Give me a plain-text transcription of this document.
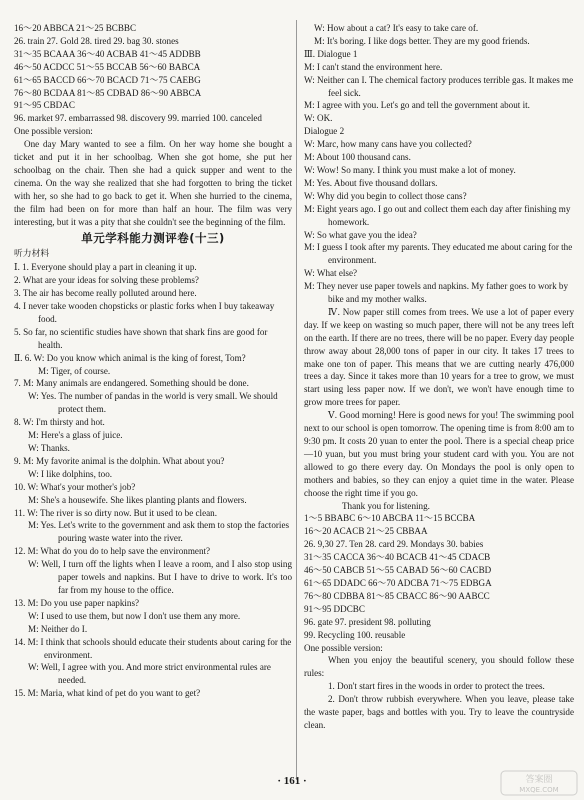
16～20 ABBCA 21～25 BCBBC
26. train 27. Gold 28. tired 29. bag 30. stones
31～35 BCAAA 36～40 ACBAB 41～45 ADDBB
46～50 ACDCC 51～55 BCCAB 56～60 BABCA
61～65 BACCD 66～70 BCACD 71～75 CAEBG
76～80 BCDAA 81～85 CDBAD 86～90 ABBCA
91～95 CBDAC
96. market 97. embarrassed 98. discovery 99. married 100. canceled
One possible version:
One day Mary wanted to see a film. On her way home she bought a ticket and put it in her schoolbag. When she got home, she put her schoolbag on the chair. Then she had a quick supper and went to the cinema. On the way she realized that she had forgotten to bring the ticket with her, so she had to go back to get it. When she hurried to the cinema, the film had been on for more than half an hour. The film was very interesting, but it was a pity that she couldn't see the beginning of the film.
单元学科能力测评卷(十三)
听力材料
Ⅰ. 1. Everyone should play a part in cleaning it up.
2. What are your ideas for solving these problems?
3. The air has become really polluted around here.
4. I never take wooden chopsticks or plastic forks when I buy takeaway food.
5. So far, no scientific studies have shown that shark fins are good for health.
Ⅱ. 6. W: Do you know which animal is the king of forest, Tom?
M: Tiger, of course.
7. M: Many animals are endangered. Something should be done.
W: Yes. The number of pandas in the world is very small. We should protect them.
8. W: I'm thirsty and hot.
M: Here's a glass of juice.
W: Thanks.
9. M: My favorite animal is the dolphin. What about you?
W: I like dolphins, too.
10. W: What's your mother's job?
M: She's a housewife. She likes planting plants and flowers.
11. W: The river is so dirty now. But it used to be clean.
M: Yes. Let's write to the government and ask them to stop the factories pouring waste water into the river.
12. M: What do you do to help save the environment?
W: Well, I turn off the lights when I leave a room, and I also stop using paper towels and napkins. But I have to drive to work. It's too far from my house to the office.
13. M: Do you use paper napkins?
W: I used to use them, but now I don't use them any more.
M: Neither do I.
14. M: I think that schools should educate their students about caring for the environment.
W: Well, I agree with you. And more strict environmental rules are needed.
15. M: Maria, what kind of pet do you want to get?
W: How about a cat? It's easy to take care of.
M: It's boring. I like dogs better. They are my good friends.
Ⅲ. Dialogue 1
M: I can't stand the environment here.
W: Neither can I. The chemical factory produces terrible gas. It makes me feel sick.
M: I agree with you. Let's go and tell the government about it.
W: OK.
Dialogue 2
W: Marc, how many cans have you collected?
M: About 100 thousand cans.
W: Wow! So many. I think you must make a lot of money.
M: Yes. About five thousand dollars.
W: Why did you begin to collect those cans?
M: Eight years ago. I go out and collect them each day after finishing my homework.
W: So what gave you the idea?
M: I guess I took after my parents. They educated me about caring for the environment.
W: What else?
M: They never use paper towels and napkins. My father goes to work by bike and my mother walks.
Ⅳ. Now paper still comes from trees. We use a lot of paper every day. If we keep on wasting so much paper, there will not be any trees left on the earth. If there are no trees, there will be no paper. Every day people throw away about 28,000 tons of paper in our city. It takes 17 trees to make one ton of paper. This means that we are cutting nearly 476,000 trees a day. Since it takes more than 10 years for a tree to grow, we must start using less paper now. If we don't, we won't have enough time to grow more trees for paper.
Ⅴ. Good morning! Here is good news for you! The swimming pool next to our school is open tomorrow. The opening time is from 8:00 am to 9:30 pm. It costs 20 yuan to enter the pool. There is a special cheap price—10 yuan, but you must bring your student card with you. You are not allowed to go there every day. On Mondays the pool is only open to mothers and babies, so they can enjoy a quiet time in the water. Please choose the right time if you go.
Thank you for listening.
1～5 BBABC 6～10 ABCBA 11～15 BCCBA
16～20 ACACB 21～25 CBBAA
26. 9,30 27. Ten 28. card 29. Mondays 30. babies
31～35 CACCA 36～40 BCACB 41～45 CDACB
46～50 CABCB 51～55 CABAD 56～60 CACBD
61～65 DDADC 66～70 ADCBA 71～75 EDBGA
76～80 CDBBA 81～85 CBACC 86～90 AABCC
91～95 DDCBC
96. gate 97. president 98. polluting
99. Recycling 100. reusable
One possible version:
When you enjoy the beautiful scenery, you should follow these rules:
1. Don't start fires in the woods in order to protect the trees.
2. Don't throw rubbish everywhere. When you leave, please take the waste paper, bags and bottles with you. Try to leave the countryside clean.
· 161 ·	答案圈
MXQE.COM
